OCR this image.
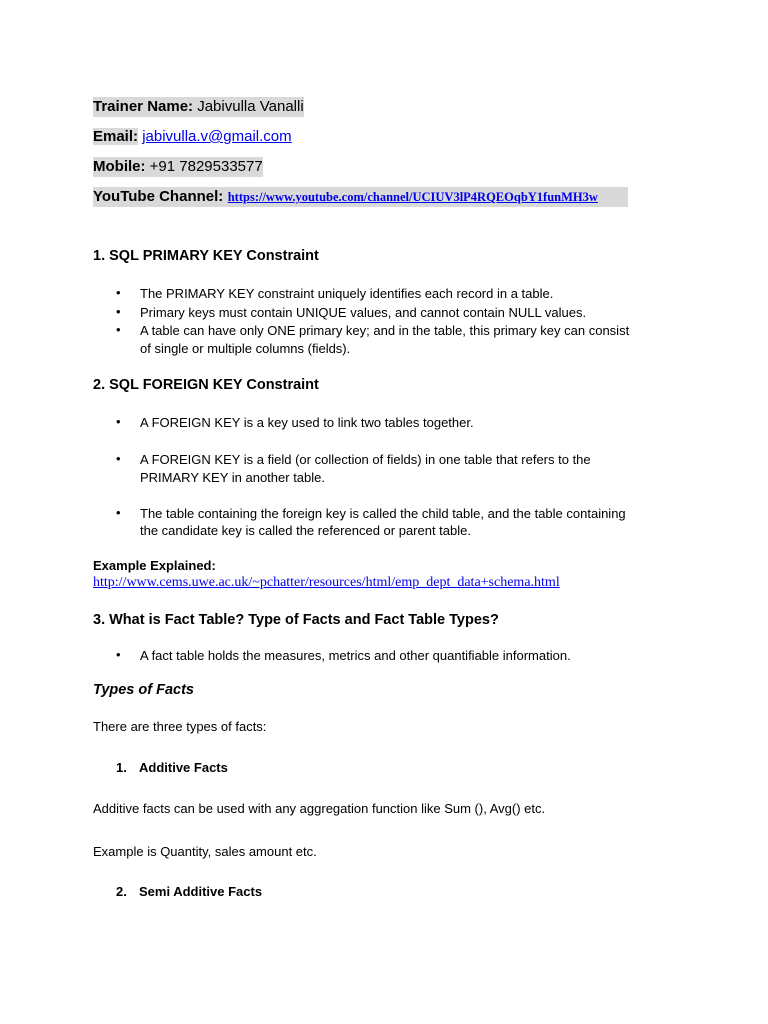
Trainer Name: Jabivulla Vanalli
Email: jabivulla.v@gmail.com
Mobile: +91 7829533577
YouTube Channel: https://www.youtube.com/channel/UCIUV3lP4RQEOqbY1funMH3w
1. SQL PRIMARY KEY Constraint
• The PRIMARY KEY constraint uniquely identifies each record in a table.
• Primary keys must contain UNIQUE values, and cannot contain NULL values.
• A table can have only ONE primary key; and in the table, this primary key can consist
of single or multiple columns (fields).
2. SQL FOREIGN KEY Constraint
• A FOREIGN KEY is a key used to link two tables together.
• A FOREIGN KEY is a field (or collection of fields) in one table that refers to the
PRIMARY KEY in another table.
• The table containing the foreign key is called the child table, and the table containing
the candidate key is called the referenced or parent table.
Example Explained:
http://www.cems.uwe.ac.uk/~pchatter/resources/html/emp_dept_data+schema.html
3. What is Fact Table? Type of Facts and Fact Table Types?
• A fact table holds the measures, metrics and other quantifiable information.
Types of Facts
There are three types of facts:
1. Additive Facts
Additive facts can be used with any aggregation function like Sum (), Avg() etc.
Example is Quantity, sales amount etc.
2. Semi Additive Facts
